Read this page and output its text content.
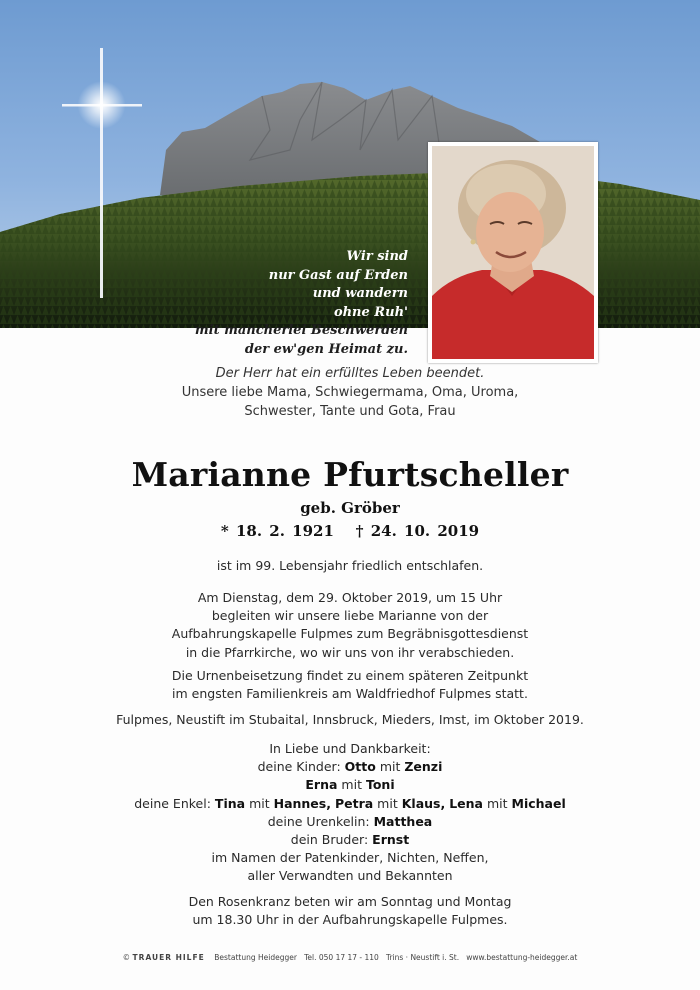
Wir sind
nur Gast auf Erden
und wandern
ohne Ruh'
mit mancherlei Beschwerden
der ew'gen Heimat zu.

Der Herr hat ein erfülltes Leben beendet.

Unsere liebe Mama, Schwiegermama, Oma, Uroma,

Schwester, Tante und Gota, Frau

Marianne Pfurtscheller
geb. Gröber
* 18. 2. 1921 † 24. 10. 2019
ist im 99. Lebensjahr friedlich entschlafen.

Am Dienstag, dem 29. Oktober 2019, um 15 Uhr

begleiten wir unsere liebe Marianne von der

Aufbahrungskapelle Fulpmes zum Begräbnisgottesdienst

in die Pfarrkirche, wo wir uns von ihr verabschieden.

Die Urnenbeisetzung findet zu einem späteren Zeitpunkt

im engsten Familienkreis am Waldfriedhof Fulpmes statt.

Fulpmes, Neustift im Stubaital, Innsbruck, Mieders, Imst, im Oktober 2019.

In Liebe und Dankbarkeit:

deine Kinder: Otto mit Zenzi

Erna mit Toni

deine Enkel: Tina mit Hannes, Petra mit Klaus, Lena mit Michael

deine Urenkelin: Matthea

dein Bruder: Ernst

im Namen der Patenkinder, Nichten, Neffen,

aller Verwandten und Bekannten

Den Rosenkranz beten wir am Sonntag und Montag

um 18.30 Uhr in der Aufbahrungskapelle Fulpmes.

© TRAUER HILFE Bestattung Heidegger Tel. 050 17 17 - 110 Trins · Neustift i. St. www.bestattung-heidegger.at
